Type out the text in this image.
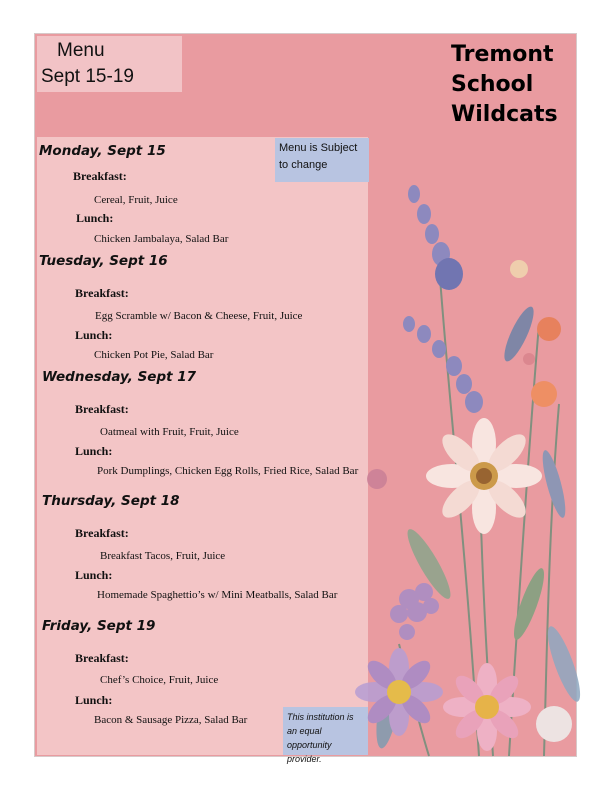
Menu
Sept 15-19
Tremont
School
Wildcats
Monday, Sept 15
Breakfast:
Cereal, Fruit, Juice
Lunch:
Chicken Jambalaya, Salad Bar
Tuesday, Sept 16
Breakfast:
Egg Scramble w/ Bacon & Cheese, Fruit, Juice
Lunch:
Chicken Pot Pie, Salad Bar
Wednesday, Sept 17
Breakfast:
Oatmeal with Fruit, Fruit, Juice
Lunch:
Pork Dumplings, Chicken Egg Rolls, Fried Rice, Salad Bar
Thursday, Sept 18
Breakfast:
Breakfast Tacos, Fruit, Juice
Lunch:
Homemade Spaghettio’s w/ Mini Meatballs, Salad Bar
Friday, Sept 19
Breakfast:
Chef’s Choice, Fruit, Juice
Lunch:
Bacon & Sausage Pizza, Salad Bar
Menu is Subject to change
This institution is an equal opportunity provider.
